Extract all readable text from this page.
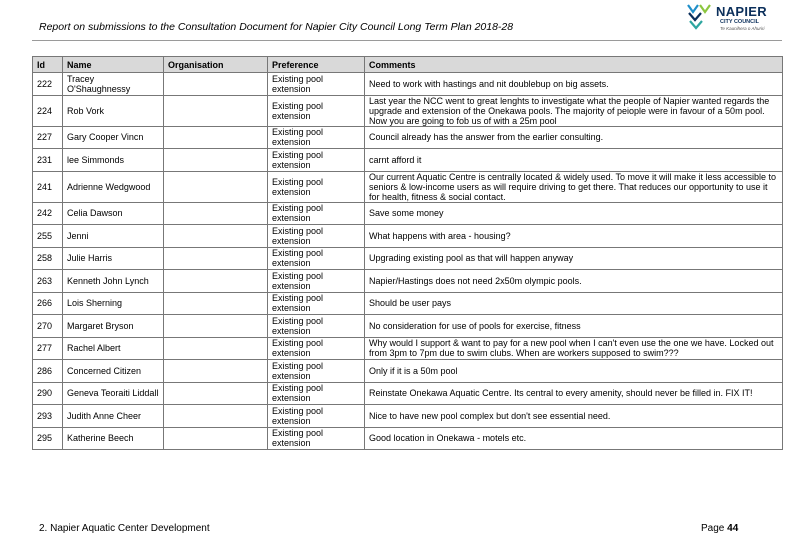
Report on submissions to the Consultation Document for Napier City Council Long Term Plan 2018-28
NAPIER
CITY COUNCIL
Te Kaunihera o Ahuriri
Id	Name	Organisation	Preference	Comments
222	Tracey O'Shaughnessy		Existing pool extension	Need to work with hastings and nit doublebup on big assets.
224	Rob Vork		Existing pool extension	Last year the NCC went to great lenghts to investigate what the people of Napier wanted regards the upgrade and extension of the Onekawa pools. The majority of peiople were in favour of a 50m pool. Now you are going to fob us of with a 25m pool
227	Gary Cooper Vincn		Existing pool extension	Council already has the answer from the earlier consulting.
231	lee Simmonds		Existing pool extension	carnt afford it
241	Adrienne Wedgwood		Existing pool extension	Our current Aquatic Centre is centrally located & widely used. To move it will make it less accessible to seniors & low-income users as will require driving to get there. That reduces our opportunity to use it for health, fitness & social contact.
242	Celia Dawson		Existing pool extension	Save some money
255	Jenni		Existing pool extension	What happens with area - housing?
258	Julie Harris		Existing pool extension	Upgrading existing pool as that will happen anyway
263	Kenneth John Lynch		Existing pool extension	Napier/Hastings does not need 2x50m olympic pools.
266	Lois Sherning		Existing pool extension	Should be user pays
270	Margaret Bryson		Existing pool extension	No consideration for use of pools for exercise, fitness
277	Rachel Albert		Existing pool extension	Why would I support & want to pay for a new pool when I can't even use the one we have. Locked out from 3pm to 7pm due to swim clubs. When are workers supposed to swim???
286	Concerned Citizen		Existing pool extension	Only if it is a 50m pool
290	Geneva Teoraiti Liddall		Existing pool extension	Reinstate Onekawa Aquatic Centre. Its central to every amenity, should never be filled in. FIX IT!
293	Judith Anne Cheer		Existing pool extension	Nice to have new pool complex but don't see essential need.
295	Katherine Beech		Existing pool extension	Good location in Onekawa - motels etc.
2. Napier Aquatic Center Development	Page 44
